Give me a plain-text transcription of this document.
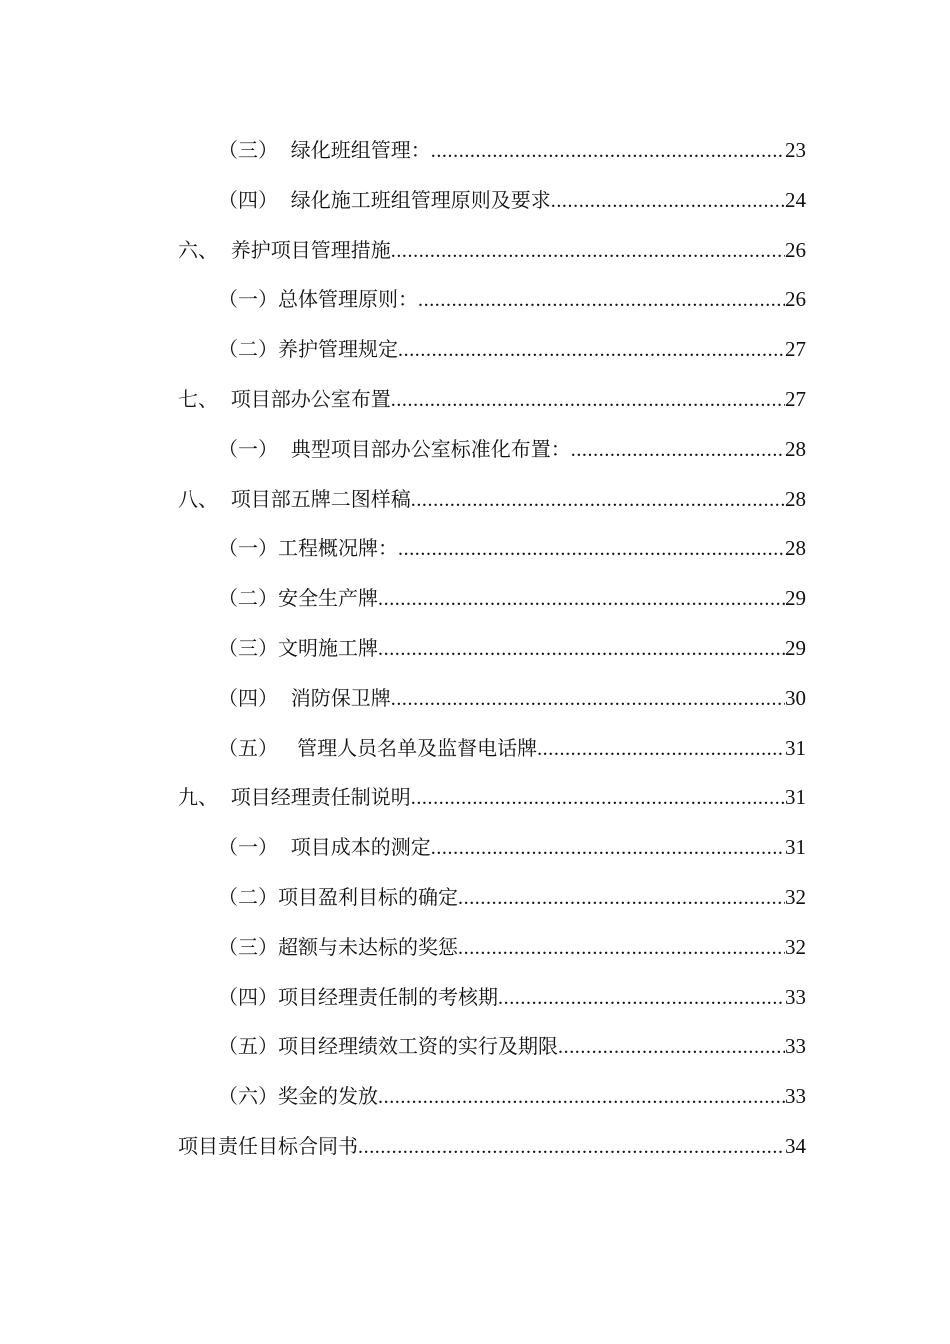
（三）  绿化班组管理： .....	23
（四）  绿化施工班组管理原则及要求 .....	24
六、  养护项目管理措施 .....	26
（一）总体管理原则： .....	26
（二）养护管理规定 .....	27
七、  项目部办公室布置 .....	27
（一）  典型项目部办公室标准化布置： .....	28
八、  项目部五牌二图样稿 .....	28
（一）工程概况牌： .....	28
（二）安全生产牌 .....	29
（三）文明施工牌 .....	29
（四）  消防保卫牌 .....	30
（五）   管理人员名单及监督电话牌 .....	31
九、  项目经理责任制说明 .....	31
（一）  项目成本的测定 .....	31
（二）项目盈利目标的确定 .....	32
（三）超额与未达标的奖惩 .....	32
（四）项目经理责任制的考核期 .....	33
（五）项目经理绩效工资的实行及期限 .....	33
（六）奖金的发放 .....	33
项目责任目标合同书 .....	34
